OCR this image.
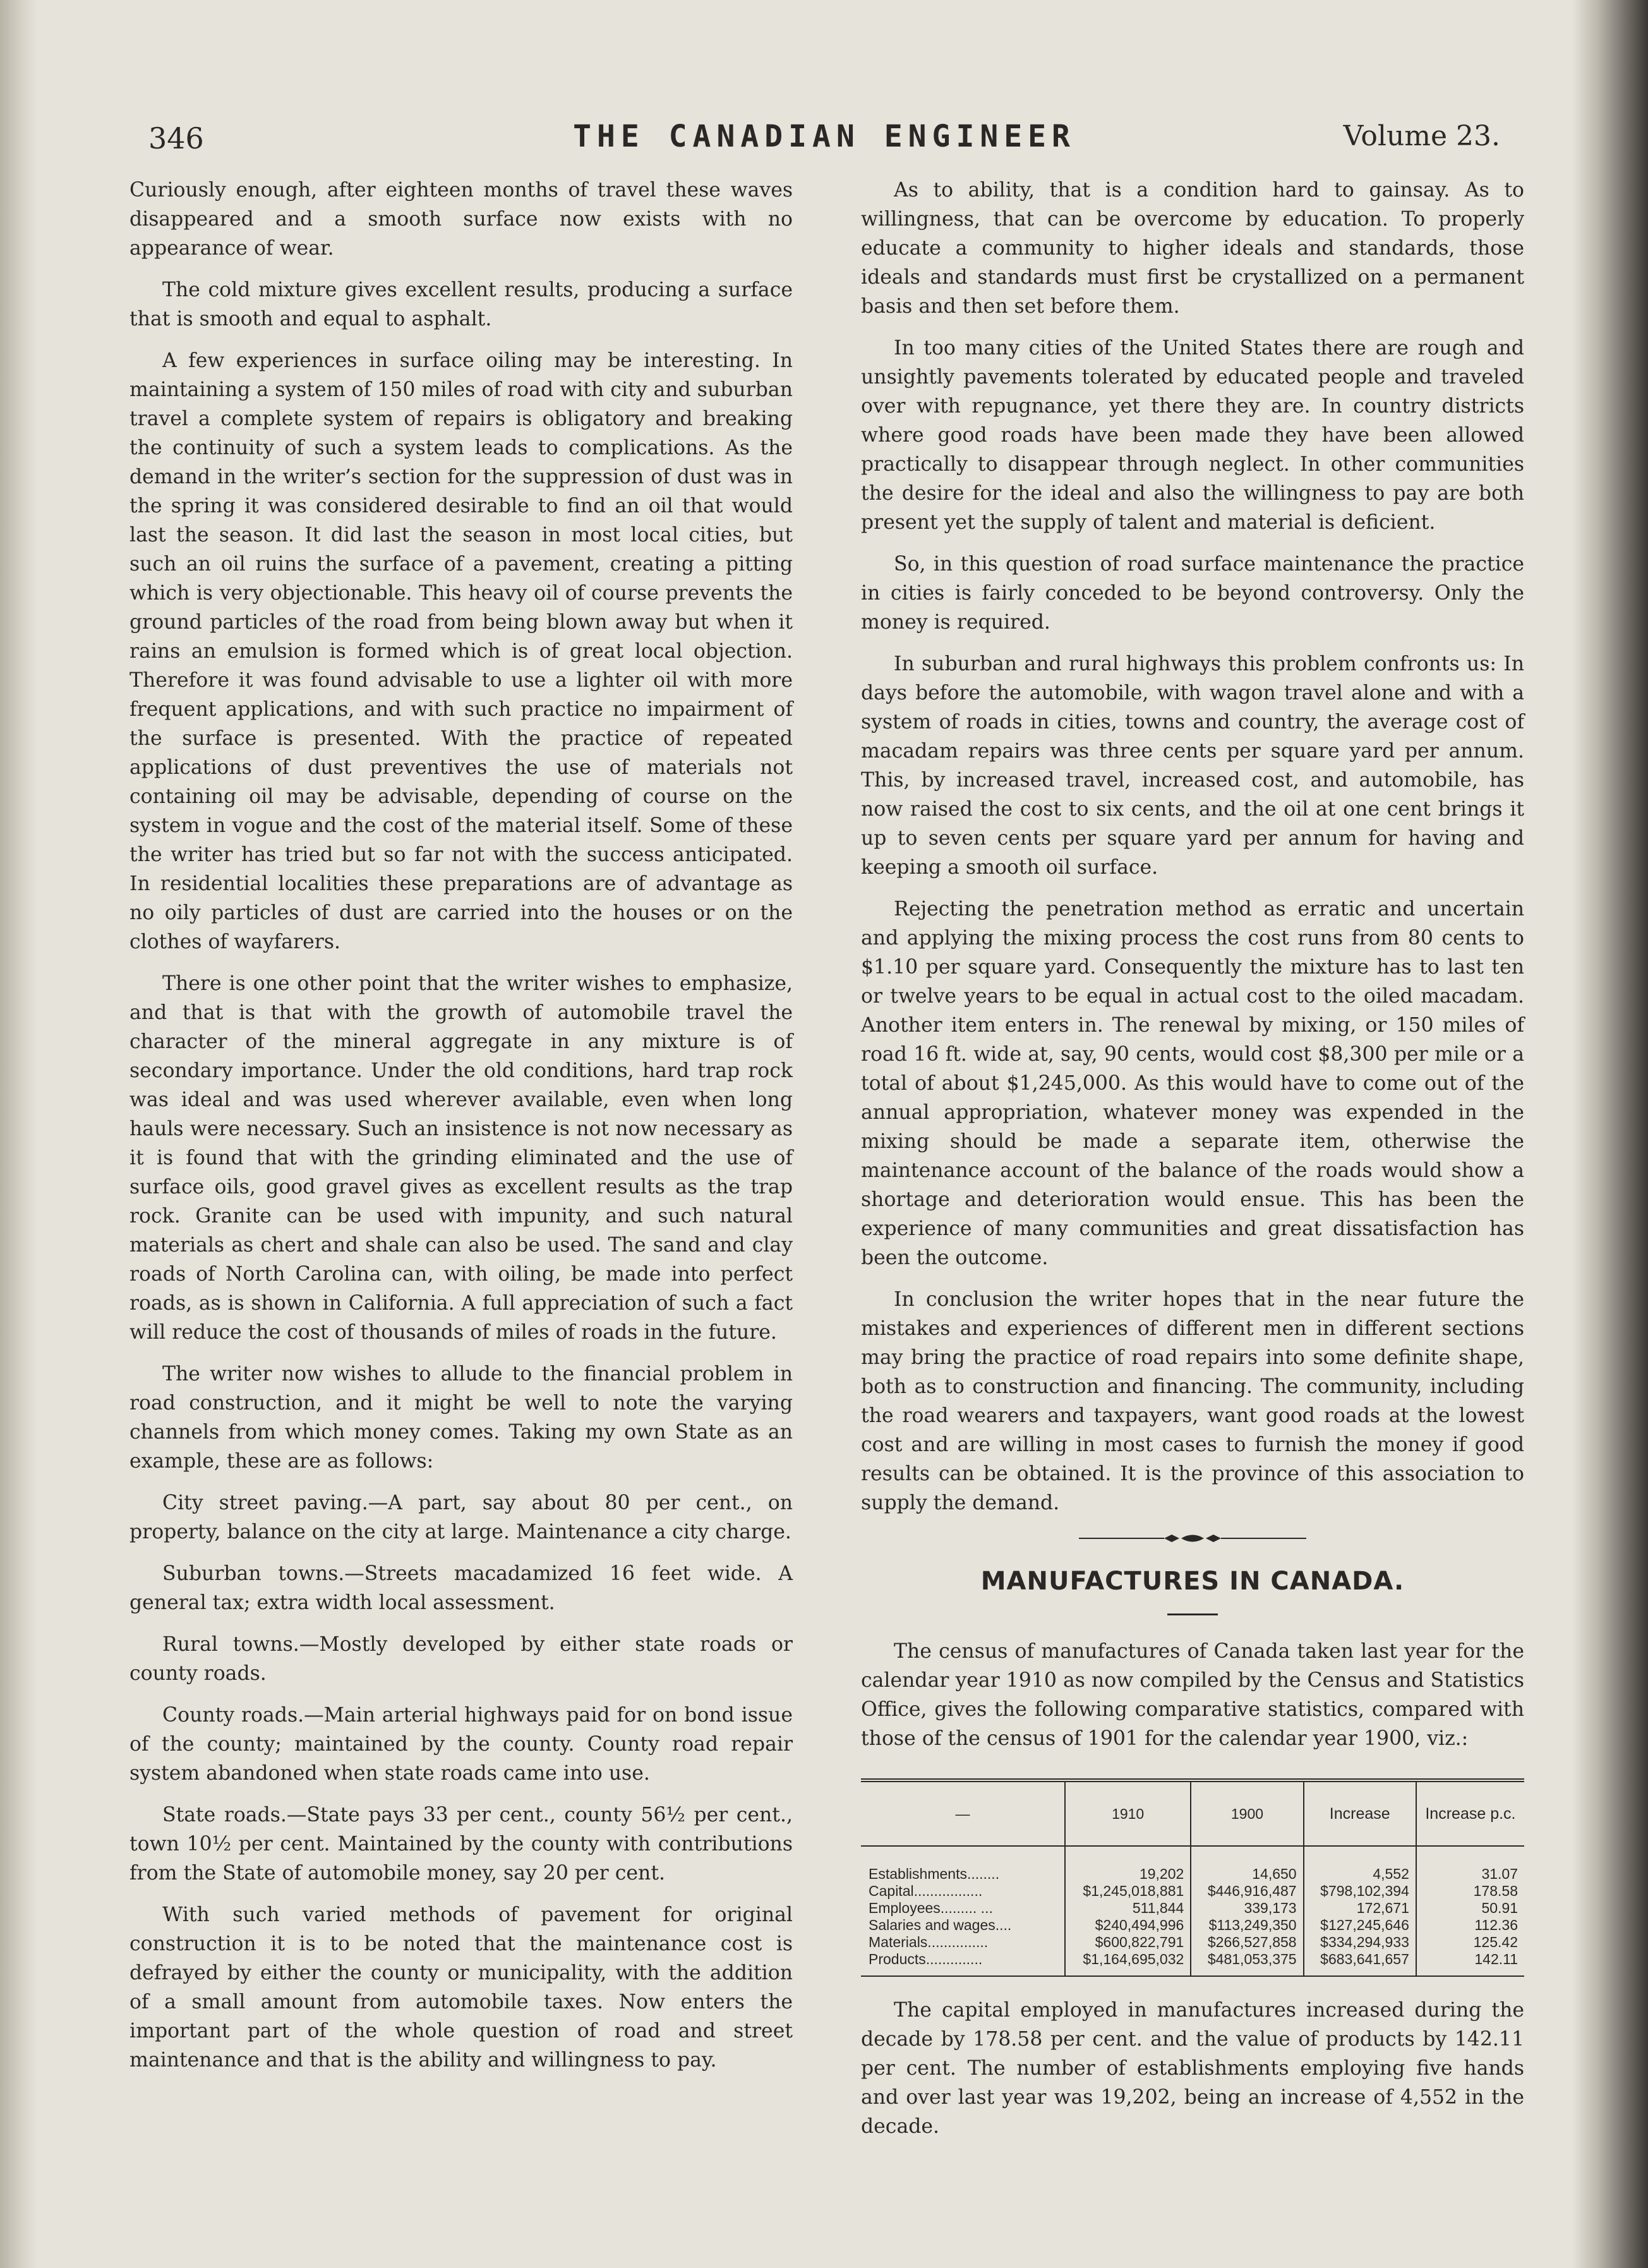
346	THE CANADIAN ENGINEER	Volume 23.

Curiously enough, after eighteen months of travel these waves disappeared and a smooth surface now exists with no appearance of wear.

The cold mixture gives excellent results, producing a surface that is smooth and equal to asphalt.

A few experiences in surface oiling may be interesting. In maintaining a system of 150 miles of road with city and suburban travel a complete system of repairs is obligatory and breaking the continuity of such a system leads to complications. As the demand in the writer’s section for the suppression of dust was in the spring it was considered desirable to find an oil that would last the season. It did last the season in most local cities, but such an oil ruins the surface of a pavement, creating a pitting which is very objectionable. This heavy oil of course prevents the ground particles of the road from being blown away but when it rains an emulsion is formed which is of great local objection. Therefore it was found advisable to use a lighter oil with more frequent applications, and with such practice no impairment of the surface is presented. With the practice of repeated applications of dust preventives the use of materials not containing oil may be advisable, depending of course on the system in vogue and the cost of the material itself. Some of these the writer has tried but so far not with the success anticipated. In residential localities these preparations are of advantage as no oily particles of dust are carried into the houses or on the clothes of wayfarers.

There is one other point that the writer wishes to emphasize, and that is that with the growth of automobile travel the character of the mineral aggregate in any mixture is of secondary importance. Under the old conditions, hard trap rock was ideal and was used wherever available, even when long hauls were necessary. Such an insistence is not now necessary as it is found that with the grinding eliminated and the use of surface oils, good gravel gives as excellent results as the trap rock. Granite can be used with impunity, and such natural materials as chert and shale can also be used. The sand and clay roads of North Carolina can, with oiling, be made into perfect roads, as is shown in California. A full appreciation of such a fact will reduce the cost of thousands of miles of roads in the future.

The writer now wishes to allude to the financial problem in road construction, and it might be well to note the varying channels from which money comes. Taking my own State as an example, these are as follows:

City street paving.—A part, say about 80 per cent., on property, balance on the city at large. Maintenance a city charge.

Suburban towns.—Streets macadamized 16 feet wide. A general tax; extra width local assessment.

Rural towns.—Mostly developed by either state roads or county roads.

County roads.—Main arterial highways paid for on bond issue of the county; maintained by the county. County road repair system abandoned when state roads came into use.

State roads.—State pays 33 per cent., county 56½ per cent., town 10½ per cent. Maintained by the county with contributions from the State of automobile money, say 20 per cent.

With such varied methods of pavement for original construction it is to be noted that the maintenance cost is defrayed by either the county or municipality, with the addition of a small amount from automobile taxes. Now enters the important part of the whole question of road and street maintenance and that is the ability and willingness to pay.

As to ability, that is a condition hard to gainsay. As to willingness, that can be overcome by education. To properly educate a community to higher ideals and standards, those ideals and standards must first be crystallized on a permanent basis and then set before them.

In too many cities of the United States there are rough and unsightly pavements tolerated by educated people and traveled over with repugnance, yet there they are. In country districts where good roads have been made they have been allowed practically to disappear through neglect. In other communities the desire for the ideal and also the willingness to pay are both present yet the supply of talent and material is deficient.

So, in this question of road surface maintenance the practice in cities is fairly conceded to be beyond controversy. Only the money is required.

In suburban and rural highways this problem confronts us: In days before the automobile, with wagon travel alone and with a system of roads in cities, towns and country, the average cost of macadam repairs was three cents per square yard per annum. This, by increased travel, increased cost, and automobile, has now raised the cost to six cents, and the oil at one cent brings it up to seven cents per square yard per annum for having and keeping a smooth oil surface.

Rejecting the penetration method as erratic and uncertain and applying the mixing process the cost runs from 80 cents to $1.10 per square yard. Consequently the mixture has to last ten or twelve years to be equal in actual cost to the oiled macadam. Another item enters in. The renewal by mixing, or 150 miles of road 16 ft. wide at, say, 90 cents, would cost $8,300 per mile or a total of about $1,245,000. As this would have to come out of the annual appropriation, whatever money was expended in the mixing should be made a separate item, otherwise the maintenance account of the balance of the roads would show a shortage and deterioration would ensue. This has been the experience of many communities and great dissatisfaction has been the outcome.

In conclusion the writer hopes that in the near future the mistakes and experiences of different men in different sections may bring the practice of road repairs into some definite shape, both as to construction and financing. The community, including the road wearers and taxpayers, want good roads at the lowest cost and are willing in most cases to furnish the money if good results can be obtained. It is the province of this association to supply the demand.

MANUFACTURES IN CANADA.

The census of manufactures of Canada taken last year for the calendar year 1910 as now compiled by the Census and Statistics Office, gives the following comparative statistics, compared with those of the census of 1901 for the calendar year 1900, viz.:

—	1910	1900	Increase	Increase p.c.
Establishments........	19,202	14,650	4,552	31.07
Capital.................	$1,245,018,881	$446,916,487	$798,102,394	178.58
Employees......... ...	511,844	339,173	172,671	50.91
Salaries and wages....	$240,494,996	$113,249,350	$127,245,646	112.36
Materials...............	$600,822,791	$266,527,858	$334,294,933	125.42
Products..............	$1,164,695,032	$481,053,375	$683,641,657	142.11

The capital employed in manufactures increased during the decade by 178.58 per cent. and the value of products by 142.11 per cent. The number of establishments employing five hands and over last year was 19,202, being an increase of 4,552 in the decade.
